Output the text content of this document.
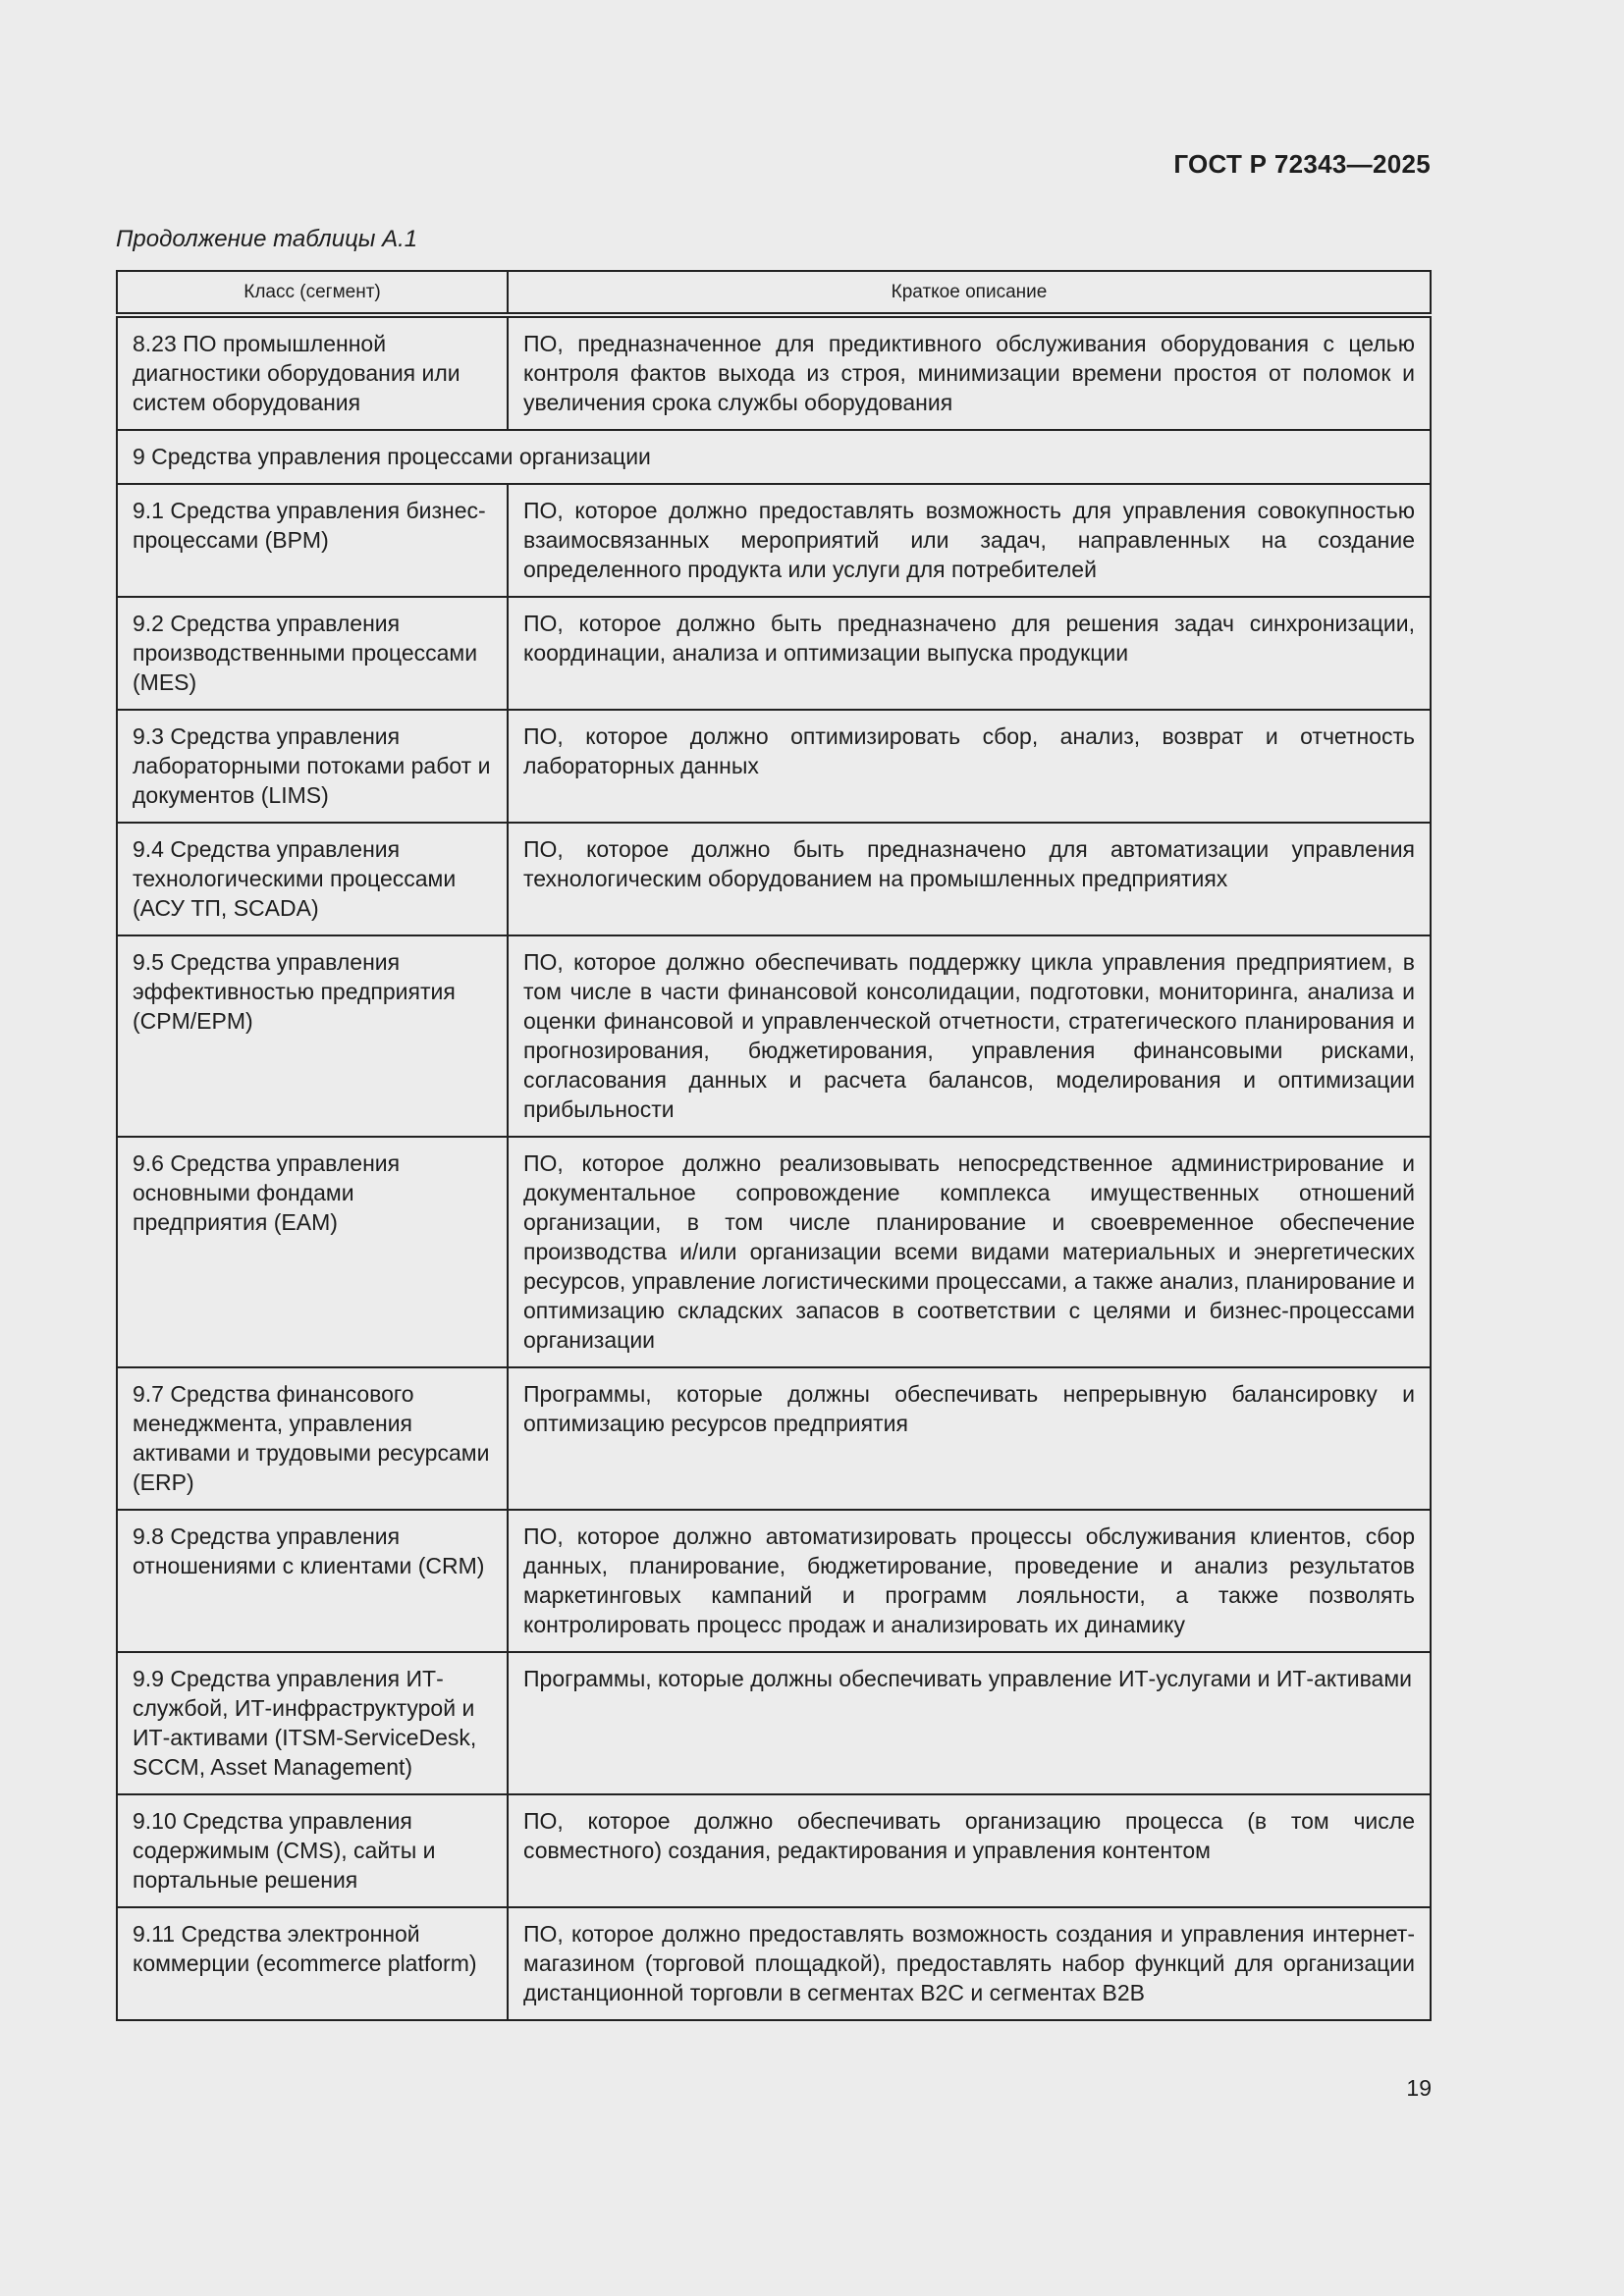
ГОСТ Р 72343—2025
Продолжение таблицы А.1
Класс (сегмент)	Краткое описание
8.23 ПО промышленной диагностики оборудования или систем оборудования	ПО, предназначенное для предиктивного обслуживания оборудования с целью контроля фактов выхода из строя, минимизации времени простоя от поломок и увеличения срока службы оборудования
9 Средства управления процессами организации	
9.1 Средства управления бизнес-процессами (BPM)	ПО, которое должно предоставлять возможность для управления совокупностью взаимосвязанных мероприятий или задач, направленных на создание определенного продукта или услуги для потребителей
9.2 Средства управления производственными процессами (MES)	ПО, которое должно быть предназначено для решения задач синхронизации, координации, анализа и оптимизации выпуска продукции
9.3 Средства управления лабораторными потоками работ и документов (LIMS)	ПО, которое должно оптимизировать сбор, анализ, возврат и отчетность лабораторных данных
9.4 Средства управления технологическими процессами (АСУ ТП, SCADA)	ПО, которое должно быть предназначено для автоматизации управления технологическим оборудованием на промышленных предприятиях
9.5 Средства управления эффективностью предприятия (CPM/EPM)	ПО, которое должно обеспечивать поддержку цикла управления предприятием, в том числе в части финансовой консолидации, подготовки, мониторинга, анализа и оценки финансовой и управленческой отчетности, стратегического планирования и прогнозирования, бюджетирования, управления финансовыми рисками, согласования данных и расчета балансов, моделирования и оптимизации прибыльности
9.6 Средства управления основными фондами предприятия (EAM)	ПО, которое должно реализовывать непосредственное администрирование и документальное сопровождение комплекса имущественных отношений организации, в том числе планирование и своевременное обеспечение производства и/или организации всеми видами материальных и энергетических ресурсов, управление логистическими процессами, а также анализ, планирование и оптимизацию складских запасов в соответствии с целями и бизнес-процессами организации
9.7 Средства финансового менеджмента, управления активами и трудовыми ресурсами (ERP)	Программы, которые должны обеспечивать непрерывную балансировку и оптимизацию ресурсов предприятия
9.8 Средства управления отношениями с клиентами (CRM)	ПО, которое должно автоматизировать процессы обслуживания клиентов, сбор данных, планирование, бюджетирование, проведение и анализ результатов маркетинговых кампаний и программ лояльности, а также позволять контролировать процесс продаж и анализировать их динамику
9.9 Средства управления ИТ-службой, ИТ-инфраструктурой и ИТ-активами (ITSM-ServiceDesk, SCCM, Asset Management)	Программы, которые должны обеспечивать управление ИТ-услугами и ИТ-активами
9.10 Средства управления содержимым (CMS), сайты и портальные решения	ПО, которое должно обеспечивать организацию процесса (в том числе совместного) создания, редактирования и управления контентом
9.11 Средства электронной коммерции (ecommerce platform)	ПО, которое должно предоставлять возможность создания и управления интернет-магазином (торговой площадкой), предоставлять набор функций для организации дистанционной торговли в сегментах B2C и сегментах B2B
19
